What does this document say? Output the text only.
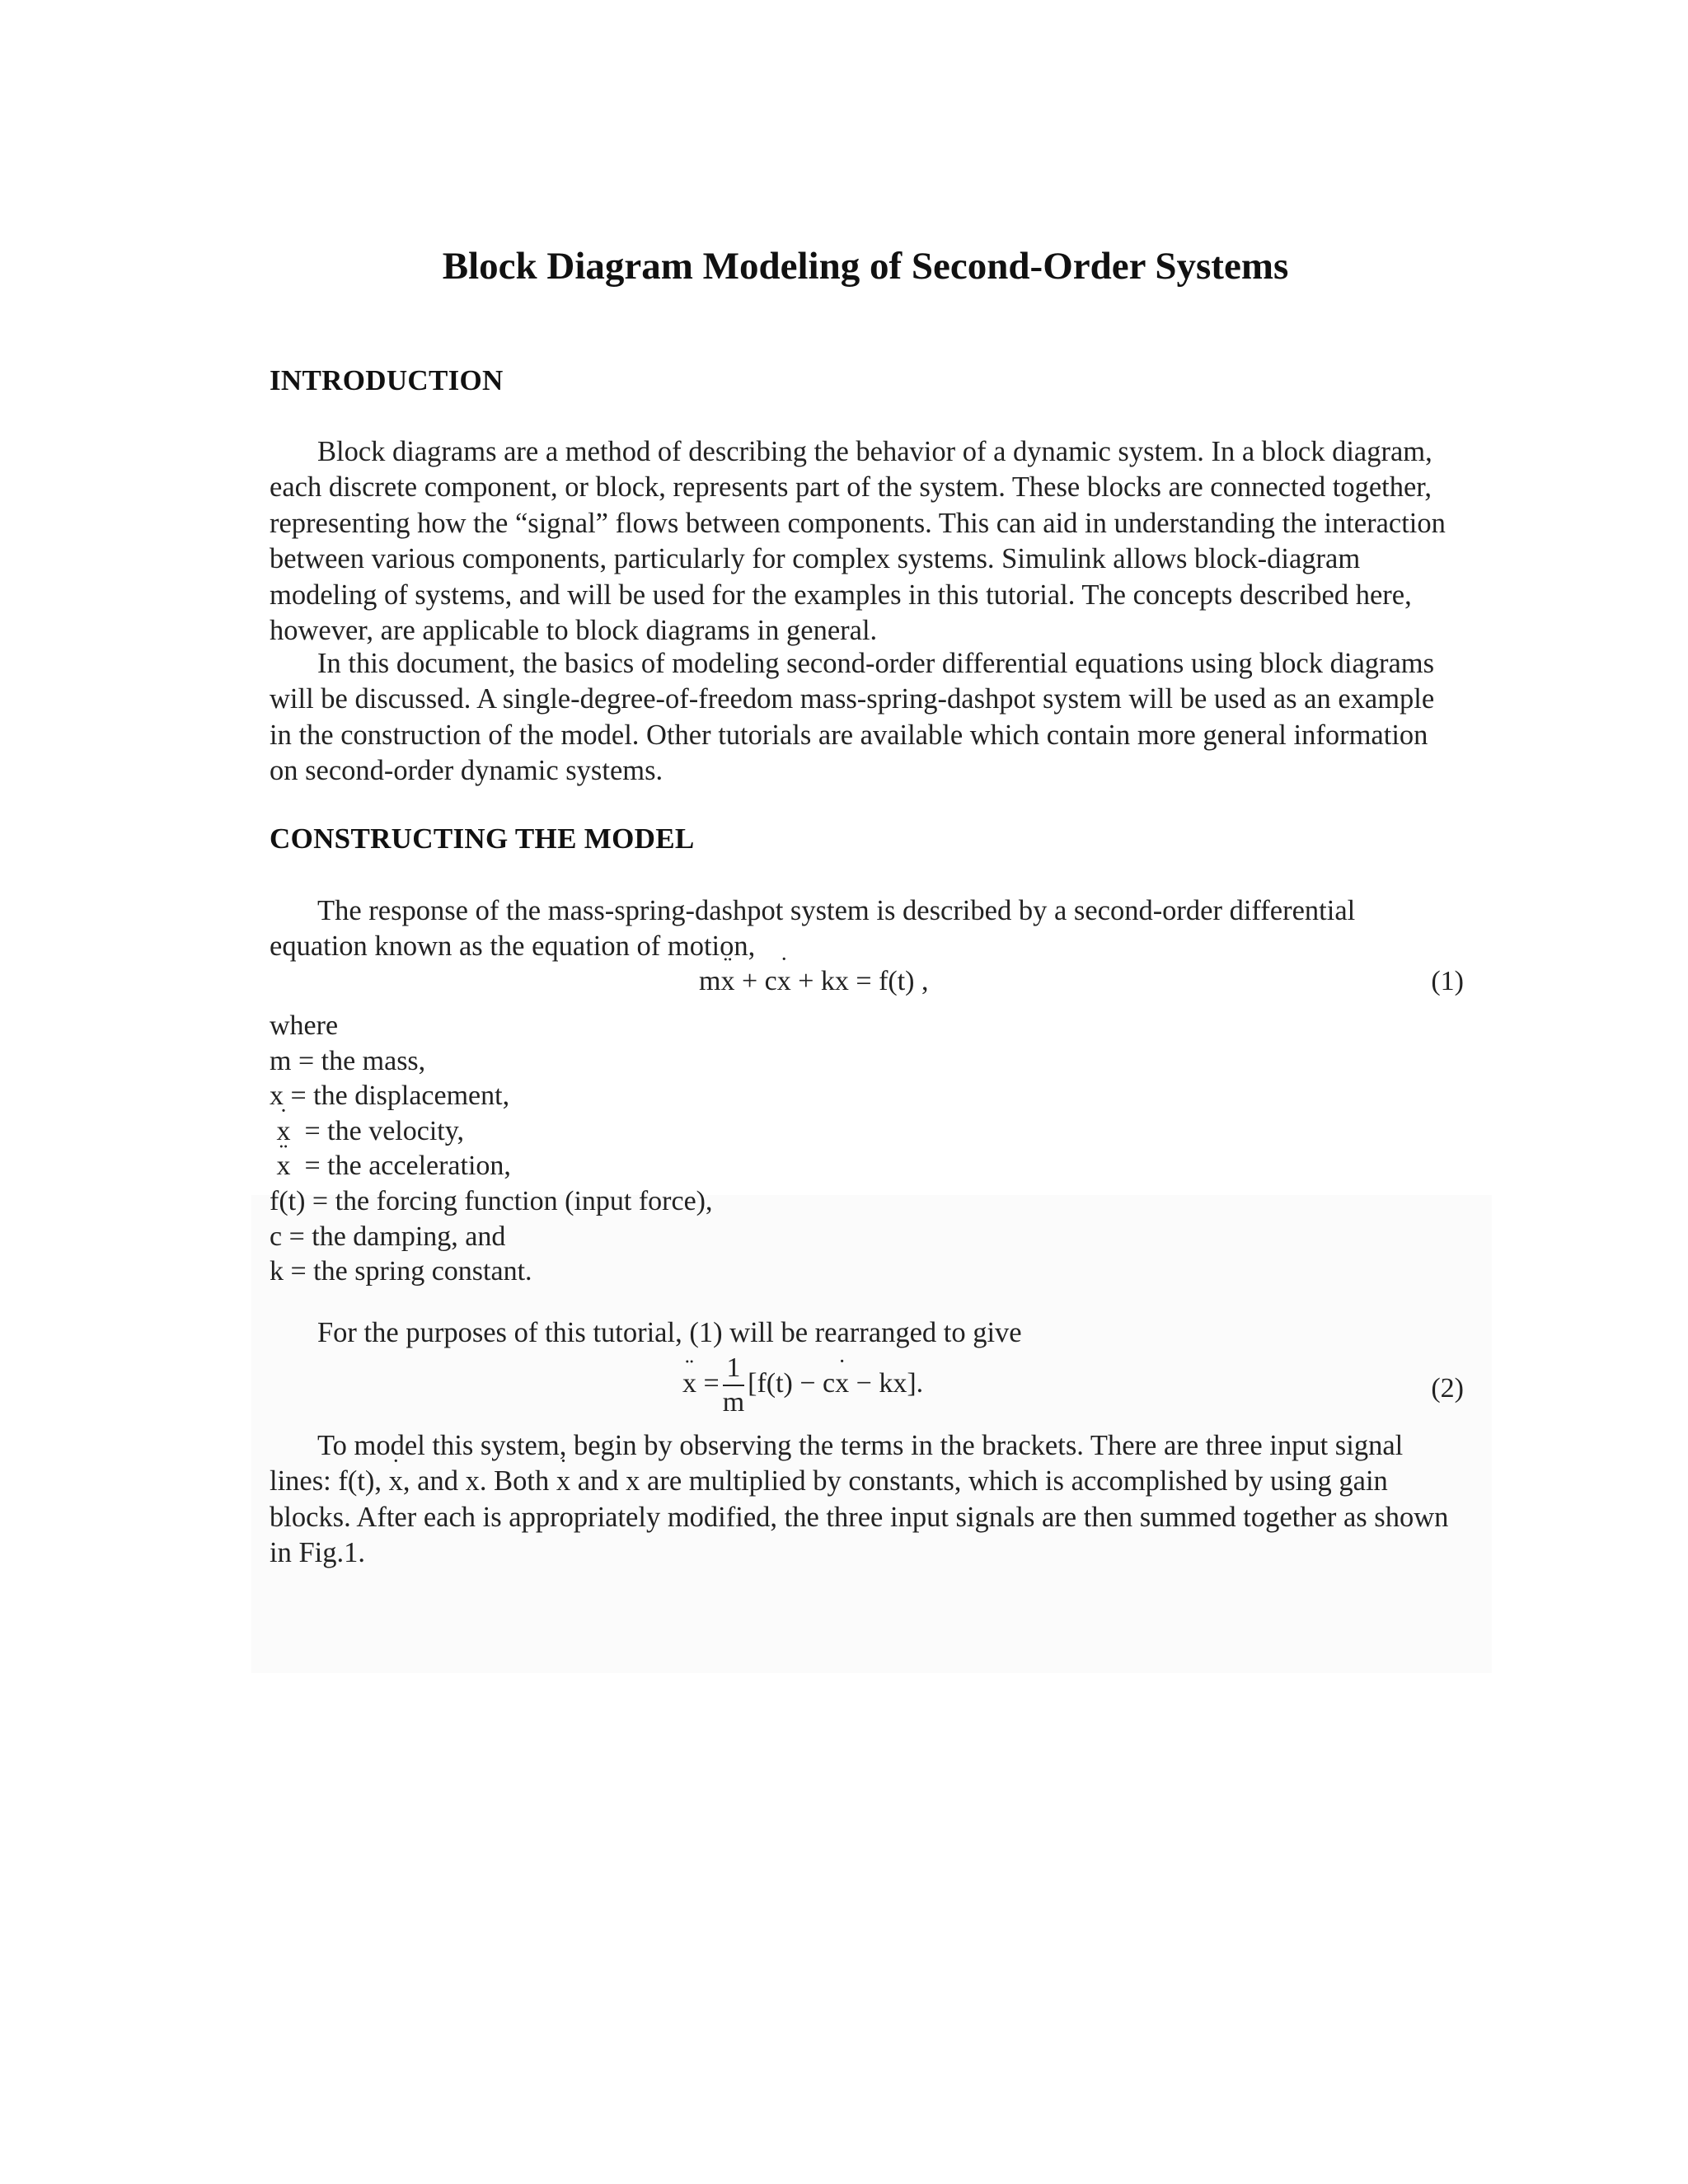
Block Diagram Modeling of Second-Order Systems
INTRODUCTION

Block diagrams are a method of describing the behavior of a dynamic system. In a block diagram, each discrete component, or block, represents part of the system. These blocks are connected together, representing how the “signal” flows between components. This can aid in understanding the interaction between various components, particularly for complex systems. Simulink allows block-diagram modeling of systems, and will be used for the examples in this tutorial. The concepts described here, however, are applicable to block diagrams in general.

In this document, the basics of modeling second-order differential equations using block diagrams will be discussed. A single-degree-of-freedom mass-spring-dashpot system will be used as an example in the construction of the model. Other tutorials are available which contain more general information on second-order dynamic systems.

CONSTRUCTING THE MODEL

The response of the mass-spring-dashpot system is described by a second-order differential equation known as the equation of motion,

mx ¨ + cx ˙ + kx = f(t) ,	(1)
where
m = the mass,
x = the displacement,
x ˙  = the velocity,
x ¨  = the acceleration,
f(t) = the forcing function (input force),
c = the damping, and
k = the spring constant.

For the purposes of this tutorial, (1) will be rearranged to give

x ¨ = $\frac{1}{m} [f(t)$ − cx ˙ − kx].	(2)

To model this system, begin by observing the terms in the brackets. There are three input signal lines: f(t), x ˙, and x. Both x ˙ and x are multiplied by constants, which is accomplished by using gain blocks. After each is appropriately modified, the three input signals are then summed together as shown in Fig.1.
